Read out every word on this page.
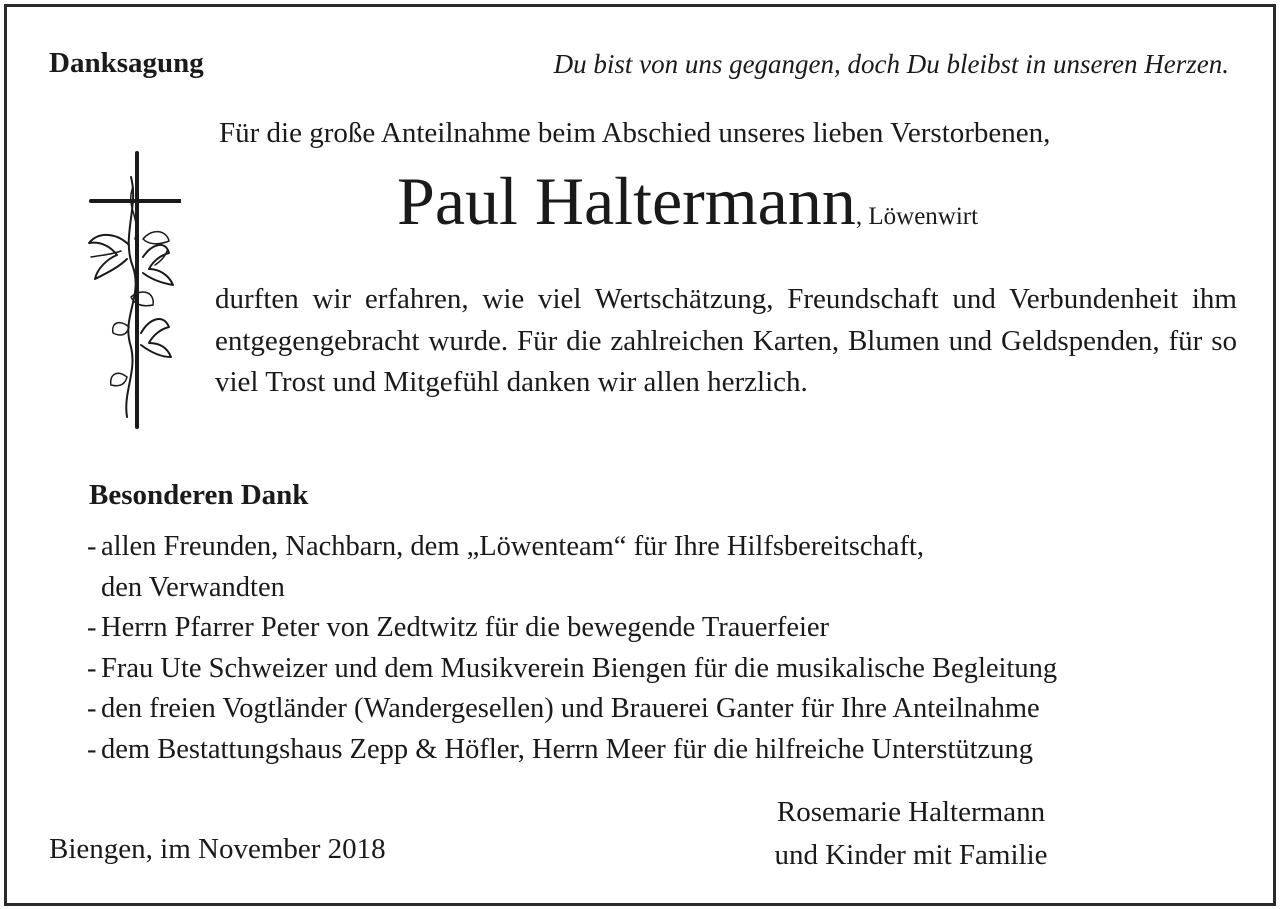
Danksagung	Du bist von uns gegangen, doch Du bleibst in unseren Herzen.
Für die große Anteilnahme beim Abschied unseres lieben Verstorbenen,
Paul Haltermann, Löwenwirt
durften wir erfahren, wie viel Wertschätzung, Freundschaft und Verbundenheit ihm entgegengebracht wurde. Für die zahlreichen Karten, Blumen und Geldspenden, für so viel Trost und Mitgefühl danken wir allen herzlich.
Besonderen Dank
- allen Freunden, Nachbarn, dem „Löwenteam“ für Ihre Hilfsbereitschaft,
den Verwandten
- Herrn Pfarrer Peter von Zedtwitz für die bewegende Trauerfeier
- Frau Ute Schweizer und dem Musikverein Biengen für die musikalische Begleitung
- den freien Vogtländer (Wandergesellen) und Brauerei Ganter für Ihre Anteilnahme
- dem Bestattungshaus Zepp & Höfler, Herrn Meer für die hilfreiche Unterstützung
Biengen, im November 2018
Rosemarie Haltermann
und Kinder mit Familie
